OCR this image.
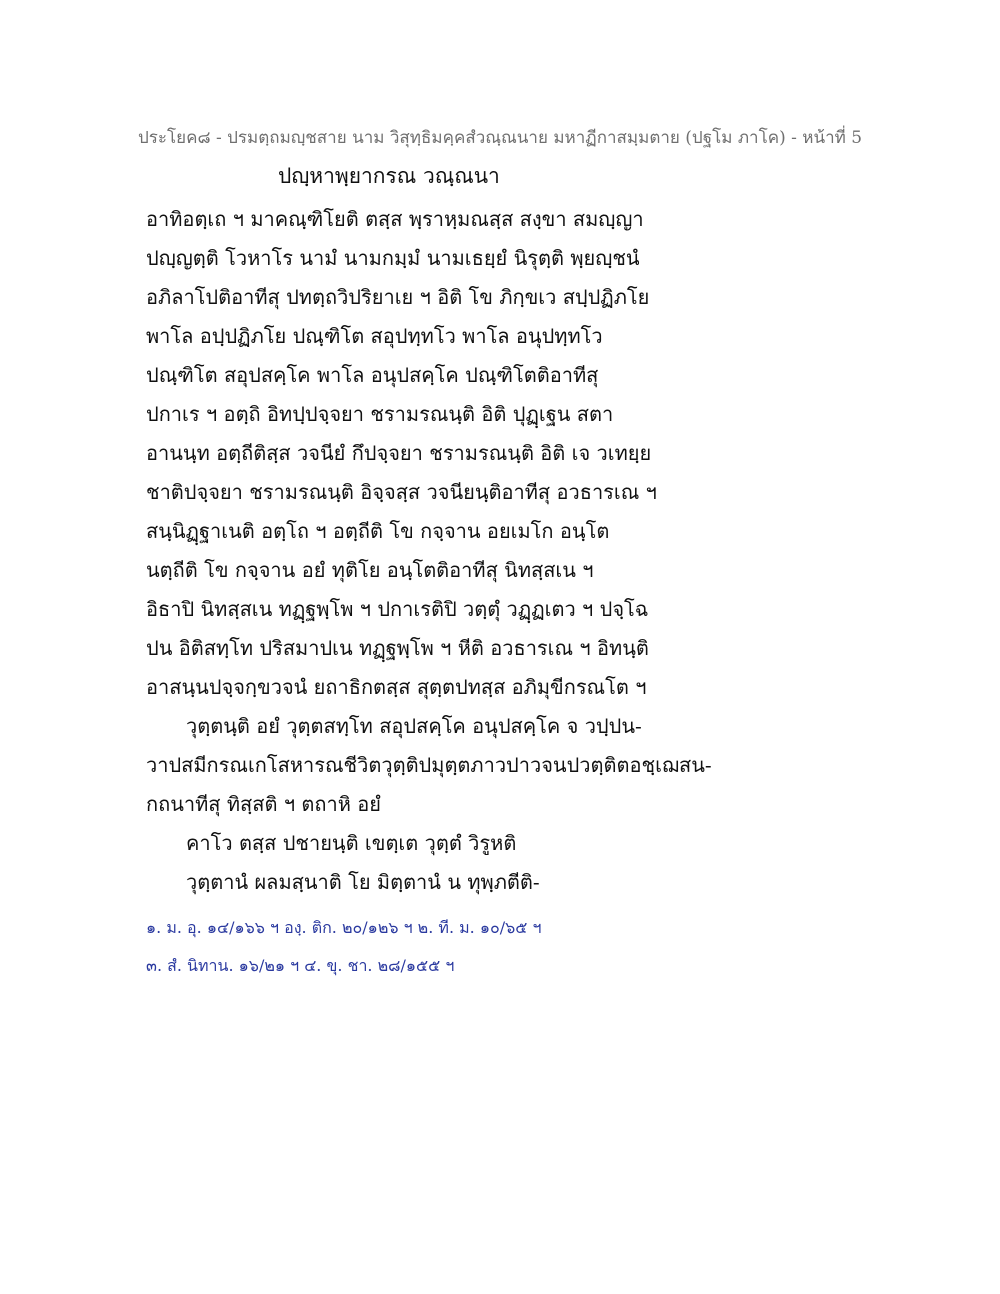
ประโยค๘ - ปรมตฺถมญฺชสาย นาม วิสุทฺธิมคฺคสํวณฺณนาย มหาฏีกาสมฺมตาย (ปฐโม ภาโค) - หน้าที่ 5
ปญฺหาพฺยากรณ วณฺณนา
อาทิอตฺเถ ฯ มาคณฺฑิโยติ ตสฺส พฺราหฺมณสฺส สงฺขา สมญฺญา
ปญฺญตฺติ โวหาโร นามํ นามกมฺมํ นามเธยฺยํ นิรุตฺติ พฺยญฺชนํ
อภิลาโปติอาทีสุ ปทตฺถวิปริยาเย ฯ อิติ โข ภิกฺขเว สปฺปฏิภโย
พาโล อปฺปฏิภโย ปณฺฑิโต สอุปทฺทโว พาโล อนุปทฺทโว
ปณฺฑิโต สอุปสคฺโค พาโล อนุปสคฺโค ปณฺฑิโตติอาทีสุ
ปกาเร ฯ อตฺถิ อิทปฺปจฺจยา ชรามรณนฺติ อิติ ปุฏฺเฐน สตา
อานนฺท อตฺถีติสฺส วจนียํ กึปจฺจยา ชรามรณนฺติ อิติ เจ วเทยฺย
ชาติปจฺจยา ชรามรณนฺติ อิจฺจสฺส วจนียนฺติอาทีสุ อวธารเณ ฯ
สนฺนิฏฺฐาเนติ อตฺโถ ฯ อตฺถีติ โข กจฺจาน อยเมโก อนฺโต
นตฺถีติ โข กจฺจาน อยํ ทุติโย อนฺโตติอาทีสุ นิทสฺสเน ฯ
อิธาปิ นิทสฺสเน ทฏฺฐพฺโพ ฯ ปกาเรติปิ วตฺตุํ วฏฺฏเตว ฯ ปจฺโฉ
ปน อิติสทฺโท ปริสมาปเน ทฏฺฐพฺโพ ฯ หีติ อวธารเณ ฯ อิทนฺติ
อาสนฺนปจฺจกฺขวจนํ ยถาธิกตสฺส สุตฺตปทสฺส อภิมุขีกรณโต ฯ
วุตฺตนฺติ อยํ วุตฺตสทฺโท สอุปสคฺโค อนุปสคฺโค จ วปฺปน-
วาปสมีกรณเกโสหารณชีวิตวุตฺติปมุตฺตภาวปาวจนปวตฺติตอชฺเฌสน-
กถนาทีสุ ทิสฺสติ ฯ ตถาหิ อยํ
คาโว ตสฺส ปชายนฺติ เขตฺเต วุตฺตํ วิรูหติ
วุตฺตานํ ผลมสฺนาติ โย มิตฺตานํ น ทุพฺภตีติ-
๑. ม. อุ. ๑๔/๑๖๖ ฯ องฺ. ติก. ๒๐/๑๒๖ ฯ ๒. ที. ม. ๑๐/๖๕ ฯ
๓. สํ. นิทาน. ๑๖/๒๑ ฯ ๔. ขุ. ชา. ๒๘/๑๕๕ ฯ
